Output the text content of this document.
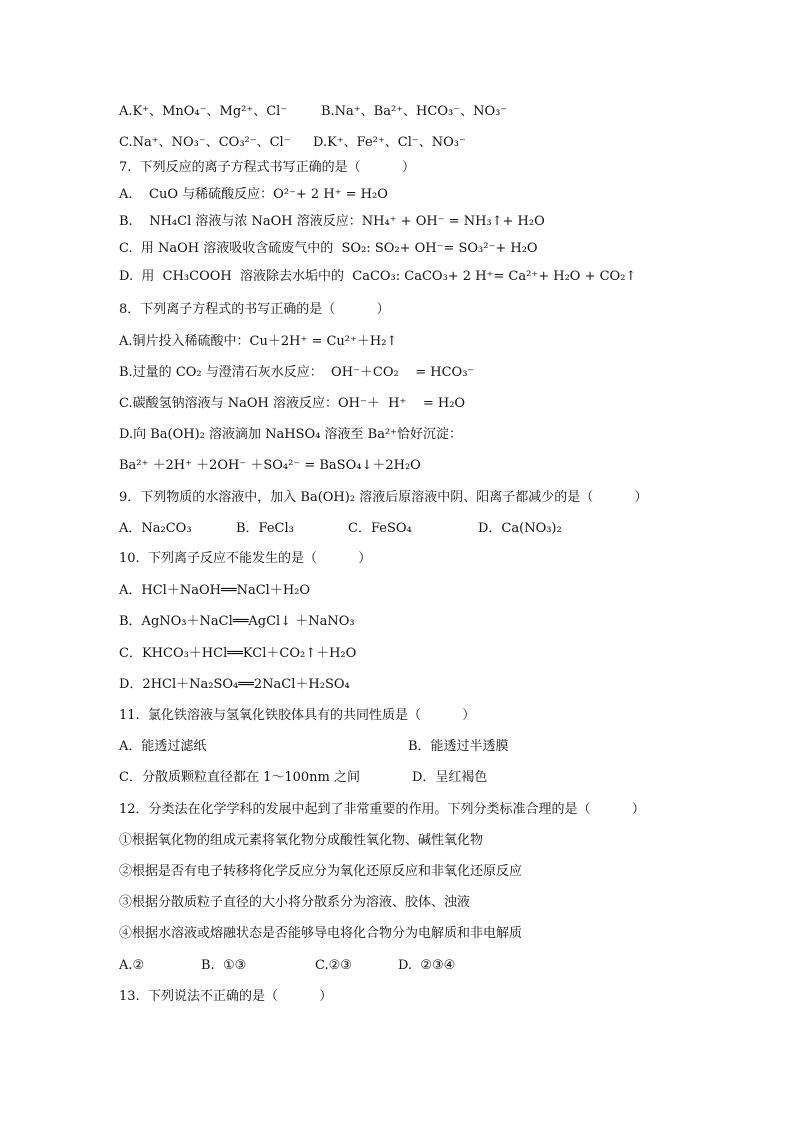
A.K⁺、MnO₄⁻、Mg²⁺、Cl⁻	B.Na⁺、Ba²⁺、HCO₃⁻、NO₃⁻
C.Na⁺、NO₃⁻、CO₃²⁻、Cl⁻ D.K⁺、Fe²⁺、Cl⁻、NO₃⁻
7.  下列反应的离子方程式书写正确的是（          ）
A.    CuO 与稀硫酸反应：O²⁻+ 2 H⁺ = H₂O
B.    NH₄Cl 溶液与浓 NaOH 溶液反应：NH₄⁺ + OH⁻ = NH₃↑+ H₂O
C.  用 NaOH 溶液吸收含硫废气中的  SO₂: SO₂+ OH⁻= SO₃²⁻+ H₂O
D.  用  CH₃COOH  溶液除去水垢中的  CaCO₃: CaCO₃+ 2 H⁺= Ca²⁺+ H₂O + CO₂↑
8．下列离子方程式的书写正确的是（          ）
A.铜片投入稀硫酸中：Cu＋2H⁺ = Cu²⁺＋H₂↑
B.过量的 CO₂ 与澄清石灰水反应：  OH⁻＋CO₂    = HCO₃⁻
C.碳酸氢钠溶液与 NaOH 溶液反应：OH⁻＋  H⁺    = H₂O
D.向 Ba(OH)₂ 溶液滴加 NaHSO₄ 溶液至 Ba²⁺恰好沉淀：
Ba²⁺ ＋2H⁺ ＋2OH⁻ ＋SO₄²⁻ = BaSO₄↓＋2H₂O
9．下列物质的水溶液中，加入 Ba(OH)₂ 溶液后原溶液中阴、阳离子都减少的是（          ）
A．Na₂CO₃	B．FeCl₃	C．FeSO₄	D．Ca(NO₃)₂
10.  下列离子反应不能发生的是（          ）
A．HCl＋NaOH══NaCl＋H₂O
B．AgNO₃＋NaCl══AgCl↓ ＋NaNO₃
C．KHCO₃＋HCl══KCl＋CO₂↑＋H₂O
D．2HCl＋Na₂SO₄══2NaCl＋H₂SO₄
11.  氯化铁溶液与氢氧化铁胶体具有的共同性质是（          ）
A．能透过滤纸	B．能透过半透膜
C．分散质颗粒直径都在 1～100nm 之间	D．呈红褐色
12．分类法在化学学科的发展中起到了非常重要的作用。下列分类标准合理的是（          ）
①根据氧化物的组成元素将氧化物分成酸性氧化物、碱性氧化物
②根据是否有电子转移将化学反应分为氧化还原反应和非氧化还原反应
③根据分散质粒子直径的大小将分散系分为溶液、胶体、浊液
④根据水溶液或熔融状态是否能够导电将化合物分为电解质和非电解质
A.②	B.  ①③	C.②③	D.  ②③④
13.  下列说法不正确的是（          ）
